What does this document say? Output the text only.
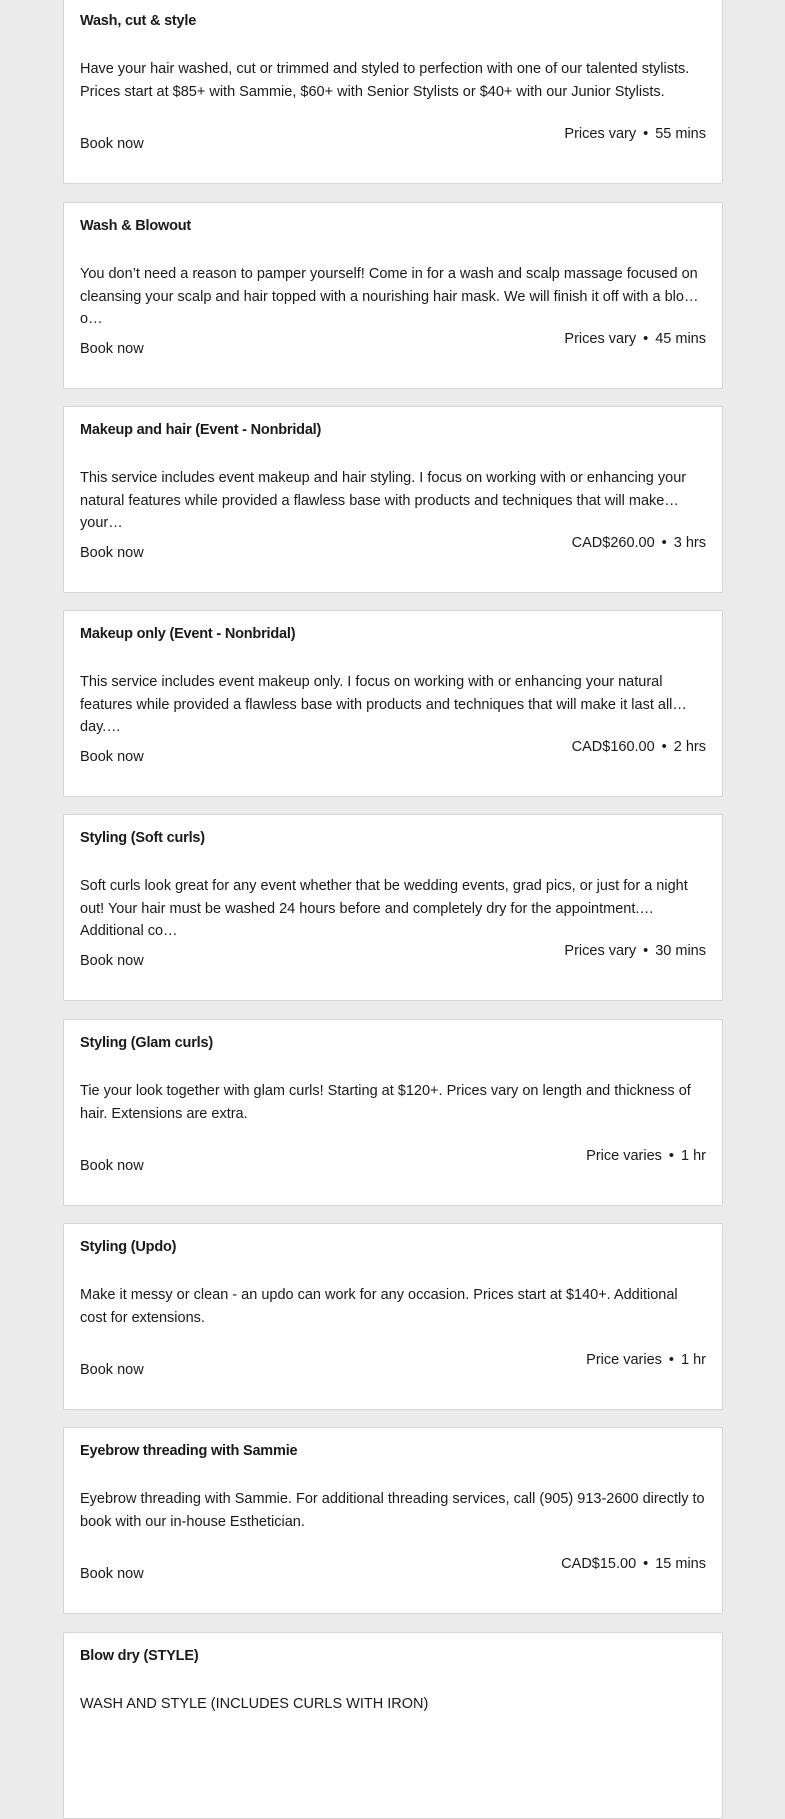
Wash, cut & style

Have your hair washed, cut or trimmed and styled to perfection with one of our talented stylists. Prices start at $85+ with Sammie, $60+ with Senior Stylists or $40+ with our Junior Stylists.

Prices vary • 55 mins
Book now
Wash & Blowout

You don’t need a reason to pamper yourself! Come in for a wash and scalp massage focused on cleansing your scalp and hair topped with a nourishing hair mask. We will finish it off with a blow o…

Prices vary • 45 mins
Book now
Makeup and hair (Event - Nonbridal)

This service includes event makeup and hair styling. I focus on working with or enhancing your natural features while provided a flawless base with products and techniques that will make your…

CAD$260.00 • 3 hrs
Book now
Makeup only (Event - Nonbridal)

This service includes event makeup only. I focus on working with or enhancing your natural features while provided a flawless base with products and techniques that will make it last all day.…

CAD$160.00 • 2 hrs
Book now
Styling (Soft curls)

Soft curls look great for any event whether that be wedding events, grad pics, or just for a night out! Your hair must be washed 24 hours before and completely dry for the appointment. Additional co…

Prices vary • 30 mins
Book now
Styling (Glam curls)

Tie your look together with glam curls! Starting at $120+. Prices vary on length and thickness of hair. Extensions are extra.

Price varies • 1 hr
Book now
Styling (Updo)

Make it messy or clean - an updo can work for any occasion. Prices start at $140+. Additional cost for extensions.

Price varies • 1 hr
Book now
Eyebrow threading with Sammie

Eyebrow threading with Sammie. For additional threading services, call (905) 913-2600 directly to book with our in-house Esthetician.

CAD$15.00 • 15 mins
Book now
Blow dry (STYLE)

WASH AND STYLE (INCLUDES CURLS WITH IRON)
